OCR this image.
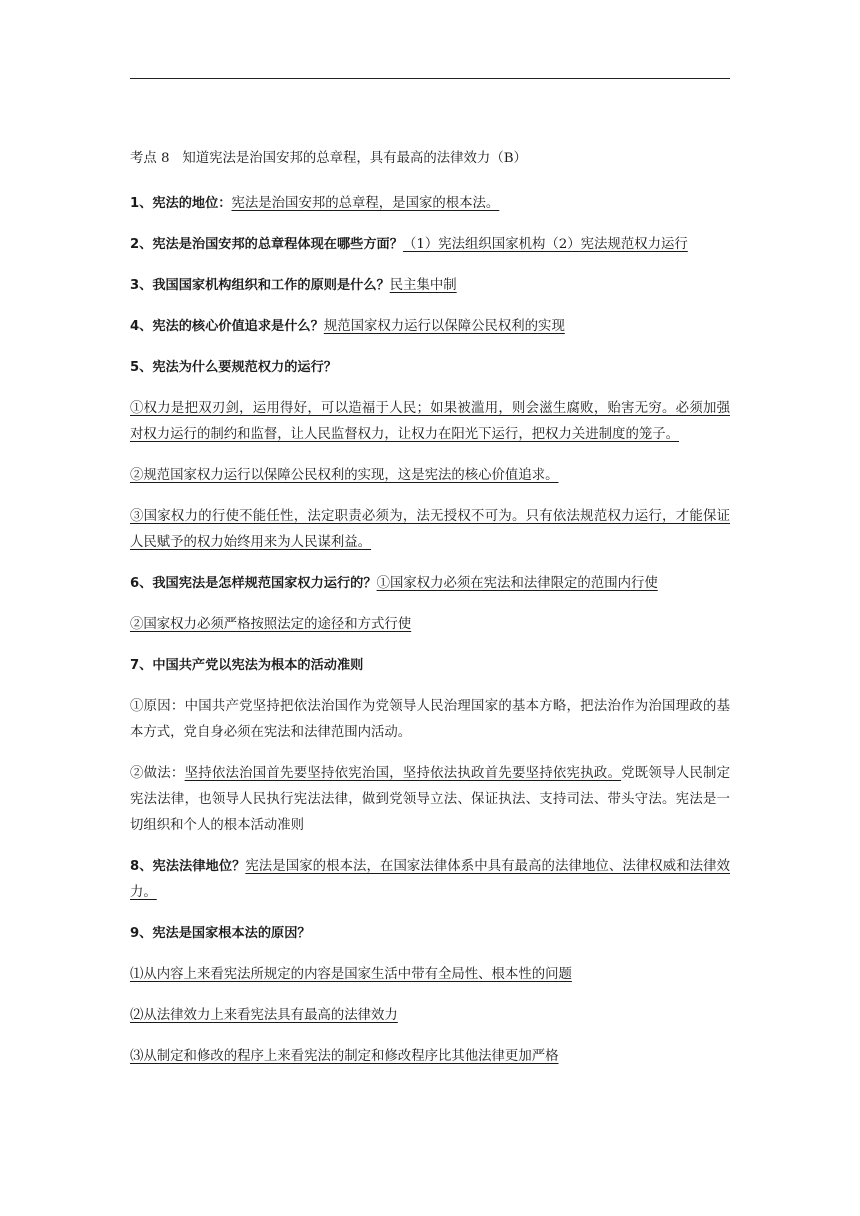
考点 8 知道宪法是治国安邦的总章程，具有最高的法律效力（B）
1、宪法的地位：宪法是治国安邦的总章程，是国家的根本法。
2、宪法是治国安邦的总章程体现在哪些方面？（1）宪法组织国家机构（2）宪法规范权力运行
3、我国国家机构组织和工作的原则是什么？民主集中制
4、宪法的核心价值追求是什么？规范国家权力运行以保障公民权利的实现
5、宪法为什么要规范权力的运行？
①权力是把双刃剑，运用得好，可以造福于人民；如果被滥用，则会滋生腐败，贻害无穷。必须加强对权力运行的制约和监督，让人民监督权力，让权力在阳光下运行，把权力关进制度的笼子。
②规范国家权力运行以保障公民权利的实现，这是宪法的核心价值追求。
③国家权力的行使不能任性，法定职责必须为，法无授权不可为。只有依法规范权力运行，才能保证人民赋予的权力始终用来为人民谋利益。
6、我国宪法是怎样规范国家权力运行的？①国家权力必须在宪法和法律限定的范围内行使
②国家权力必须严格按照法定的途径和方式行使
7、中国共产党以宪法为根本的活动准则
①原因：中国共产党坚持把依法治国作为党领导人民治理国家的基本方略，把法治作为治国理政的基本方式，党自身必须在宪法和法律范围内活动。
②做法：坚持依法治国首先要坚持依宪治国，坚持依法执政首先要坚持依宪执政。党既领导人民制定宪法法律，也领导人民执行宪法法律，做到党领导立法、保证执法、支持司法、带头守法。宪法是一切组织和个人的根本活动准则
8、宪法法律地位？宪法是国家的根本法，在国家法律体系中具有最高的法律地位、法律权威和法律效力。
9、宪法是国家根本法的原因？
⑴从内容上来看宪法所规定的内容是国家生活中带有全局性、根本性的问题
⑵从法律效力上来看宪法具有最高的法律效力
⑶从制定和修改的程序上来看宪法的制定和修改程序比其他法律更加严格
